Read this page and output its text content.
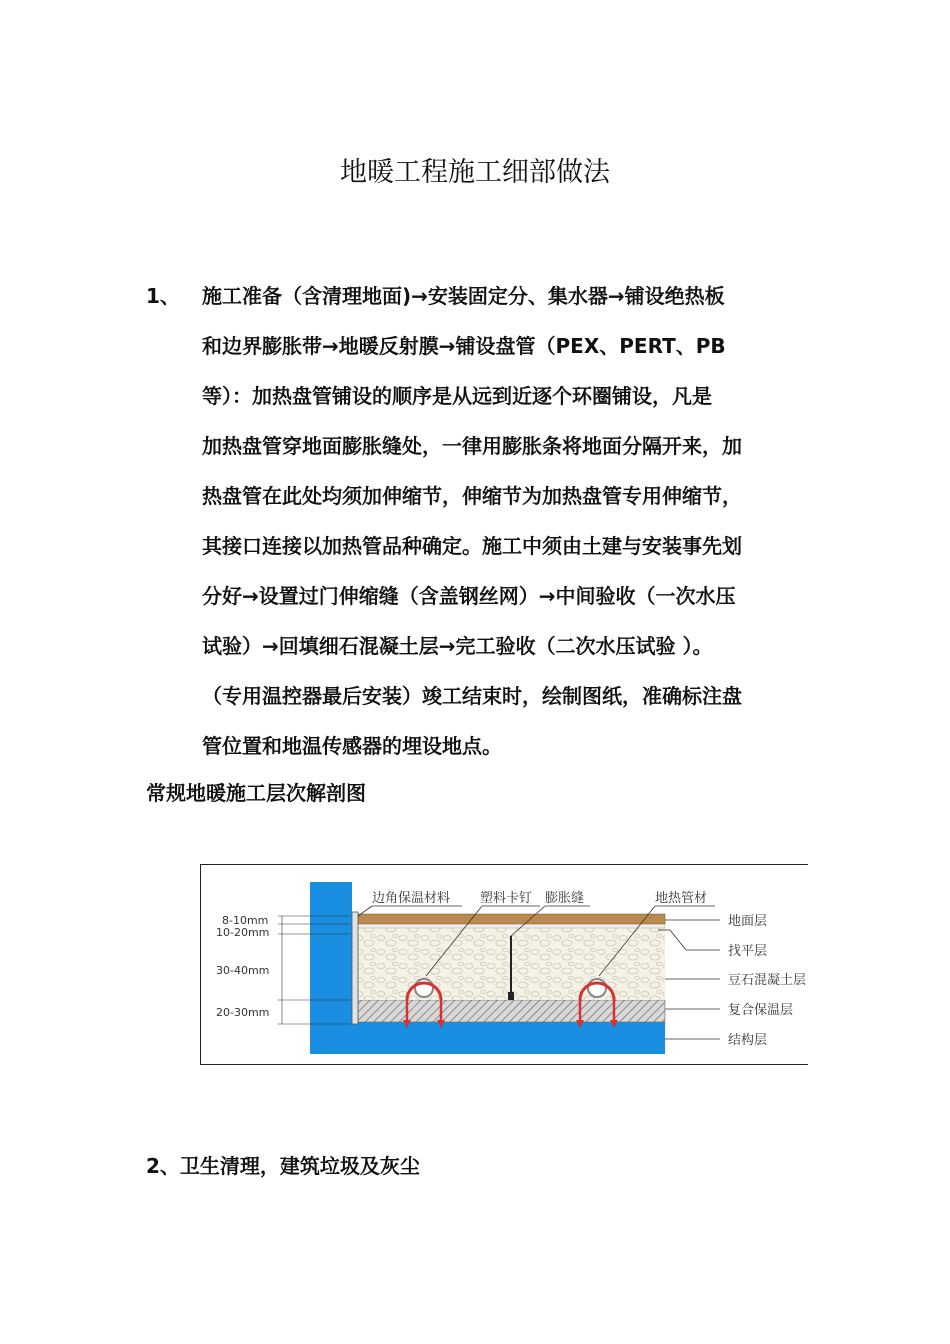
地暖工程施工细部做法
1、 施工准备（含清理地面)→安装固定分、集水器→铺设绝热板
和边界膨胀带→地暖反射膜→铺设盘管（PEX、PERT、PB
等）：加热盘管铺设的顺序是从远到近逐个环圈铺设，凡是
加热盘管穿地面膨胀缝处，一律用膨胀条将地面分隔开来，加
热盘管在此处均须加伸缩节，伸缩节为加热盘管专用伸缩节，
其接口连接以加热管品种确定。施工中须由土建与安装事先划
分好→设置过门伸缩缝（含盖钢丝网）→中间验收（一次水压
试验）→回填细石混凝土层→完工验收（二次水压试验 ）。
（专用温控器最后安装）竣工结束时，绘制图纸，准确标注盘
管位置和地温传感器的埋设地点。
常规地暖施工层次解剖图
边角保温材料 塑料卡钉 膨胀缝	地热管材
8-10mm
10-20mm
30-40mm
20-30mm
地面层
找平层
豆石混凝土层
复合保温层
结构层
2、卫生清理，建筑垃圾及灰尘
